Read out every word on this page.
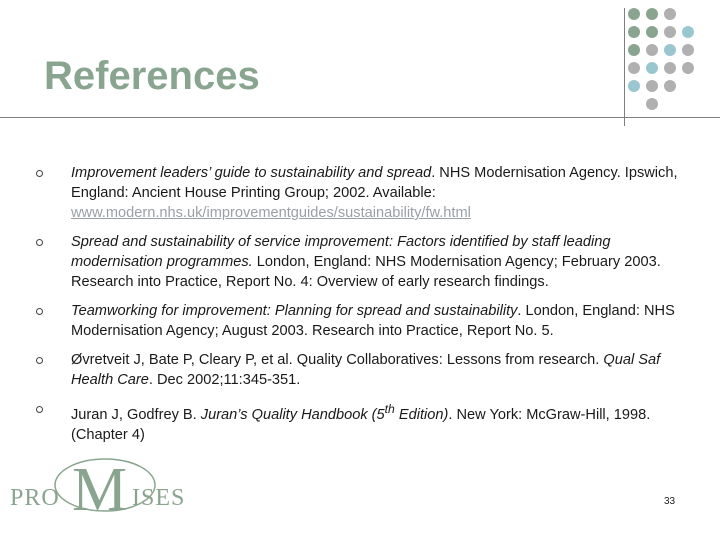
References
Improvement leaders’ guide to sustainability and spread. NHS Modernisation Agency. Ipswich, England: Ancient House Printing Group; 2002. Available: www.modern.nhs.uk/improvementguides/sustainability/fw.html
Spread and sustainability of service improvement: Factors identified by staff leading modernisation programmes. London, England: NHS Modernisation Agency; February 2003. Research into Practice, Report No. 4: Overview of early research findings.
Teamworking for improvement: Planning for spread and sustainability. London, England: NHS Modernisation Agency; August 2003. Research into Practice, Report No. 5.
Øvretveit J, Bate P, Cleary P, et al. Quality Collaboratives: Lessons from research. Qual Saf Health Care. Dec 2002;11:345-351.
Juran J, Godfrey B. Juran’s Quality Handbook (5th Edition). New York: McGraw-Hill, 1998. (Chapter 4)
PRO M ISES	33
